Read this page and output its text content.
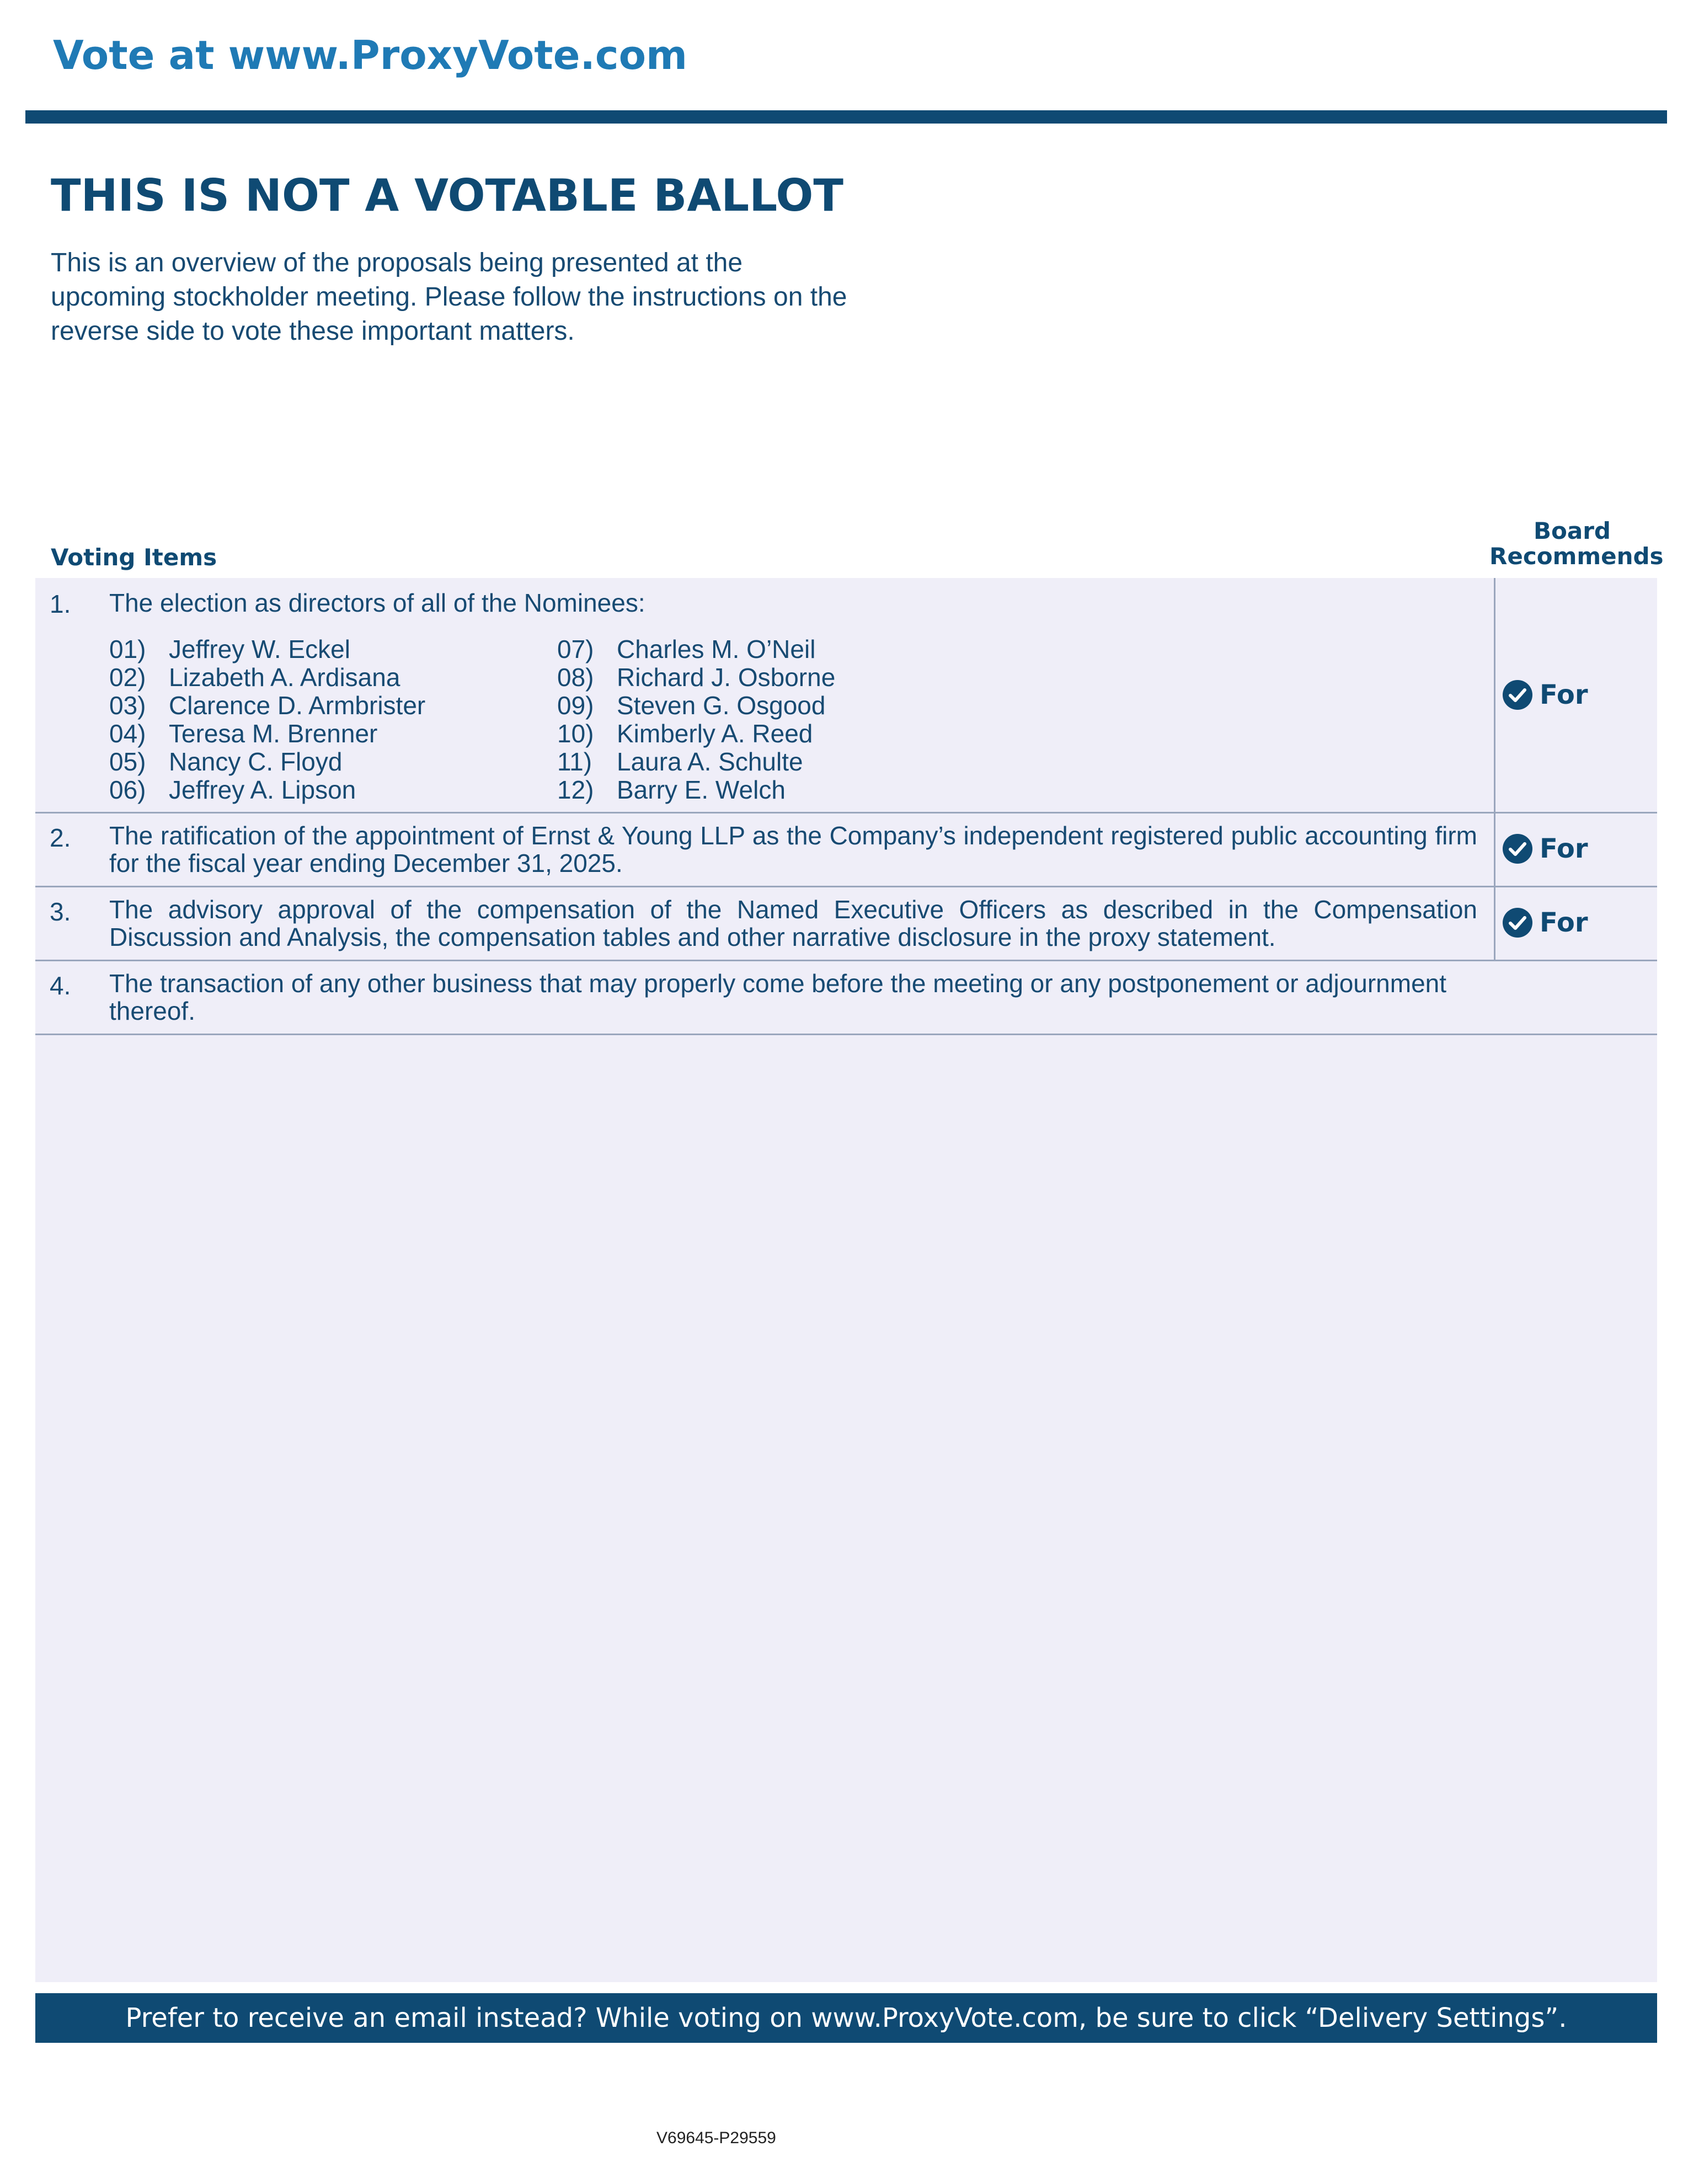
Vote at www.ProxyVote.com
THIS IS NOT A VOTABLE BALLOT
This is an overview of the proposals being presented at the upcoming stockholder meeting. Please follow the instructions on the reverse side to vote these important matters.
Voting Items
Board
Recommends
1. The election as directors of all of the Nominees:
01) Jeffrey W. Eckel
02) Lizabeth A. Ardisana
03) Clarence D. Armbrister
04) Teresa M. Brenner
05) Nancy C. Floyd
06) Jeffrey A. Lipson
07) Charles M. O’Neil
08) Richard J. Osborne
09) Steven G. Osgood
10) Kimberly A. Reed
11) Laura A. Schulte
12) Barry E. Welch
For
2. The ratification of the appointment of Ernst & Young LLP as the Company’s independent registered public accounting firm for the fiscal year ending December 31, 2025.	For
3. The advisory approval of the compensation of the Named Executive Officers as described in the Compensation Discussion and Analysis, the compensation tables and other narrative disclosure in the proxy statement.	For
4. The transaction of any other business that may properly come before the meeting or any postponement or adjournment thereof.
Prefer to receive an email instead? While voting on www.ProxyVote.com, be sure to click “Delivery Settings”.
V69645-P29559
